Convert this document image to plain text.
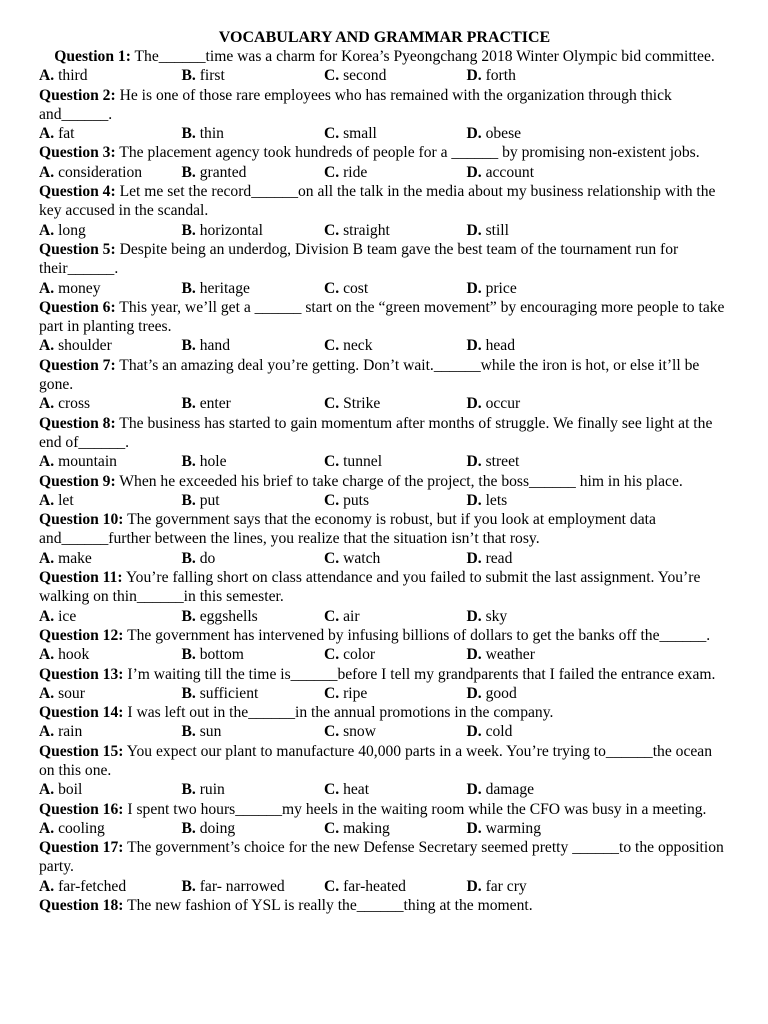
VOCABULARY AND GRAMMAR PRACTICE

Question 1: The______time was a charm for Korea’s Pyeongchang 2018 Winter Olympic bid committee.

A. third	B. first	C. second	D. forth

Question 2: He is one of those rare employees who has remained with the organization through thick and______.

A. fat	B. thin	C. small	D. obese

Question 3: The placement agency took hundreds of people for a ______ by promising non-existent jobs.

A. consideration	B. granted	C. ride	D. account

Question 4: Let me set the record______on all the talk in the media about my business relationship with the key accused in the scandal.

A. long	B. horizontal	C. straight	D. still

Question 5: Despite being an underdog, Division B team gave the best team of the tournament run for their______.

A. money	B. heritage	C. cost	D. price

Question 6: This year, we’ll get a ______ start on the “green movement” by encouraging more people to take part in planting trees.

A. shoulder	B. hand	C. neck	D. head

Question 7: That’s an amazing deal you’re getting. Don’t wait.______while the iron is hot, or else it’ll be gone.

A. cross	B. enter	C. Strike	D. occur

Question 8: The business has started to gain momentum after months of struggle. We finally see light at the end of______.

A. mountain	B. hole	C. tunnel	D. street

Question 9: When he exceeded his brief to take charge of the project, the boss______ him in his place.

A. let	B. put	C. puts	D. lets

Question 10: The government says that the economy is robust, but if you look at employment data and______further between the lines, you realize that the situation isn’t that rosy.

A. make	B. do	C. watch	D. read

Question 11: You’re falling short on class attendance and you failed to submit the last assignment. You’re walking on thin______in this semester.

A. ice	B. eggshells	C. air	D. sky

Question 12: The government has intervened by infusing billions of dollars to get the banks off the______.

A. hook	B. bottom	C. color	D. weather

Question 13: I’m waiting till the time is______before I tell my grandparents that I failed the entrance exam.

A. sour	B. sufficient	C. ripe	D. good

Question 14: I was left out in the______in the annual promotions in the company.

A. rain	B. sun	C. snow	D. cold

Question 15: You expect our plant to manufacture 40,000 parts in a week. You’re trying to______the ocean on this one.

A. boil	B. ruin	C. heat	D. damage

Question 16: I spent two hours______my heels in the waiting room while the CFO was busy in a meeting.

A. cooling	B. doing	C. making	D. warming

Question 17: The government’s choice for the new Defense Secretary seemed pretty ______to the opposition party.

A. far-fetched	B. far- narrowed	C. far-heated	D. far cry

Question 18: The new fashion of YSL is really the______thing at the moment.
